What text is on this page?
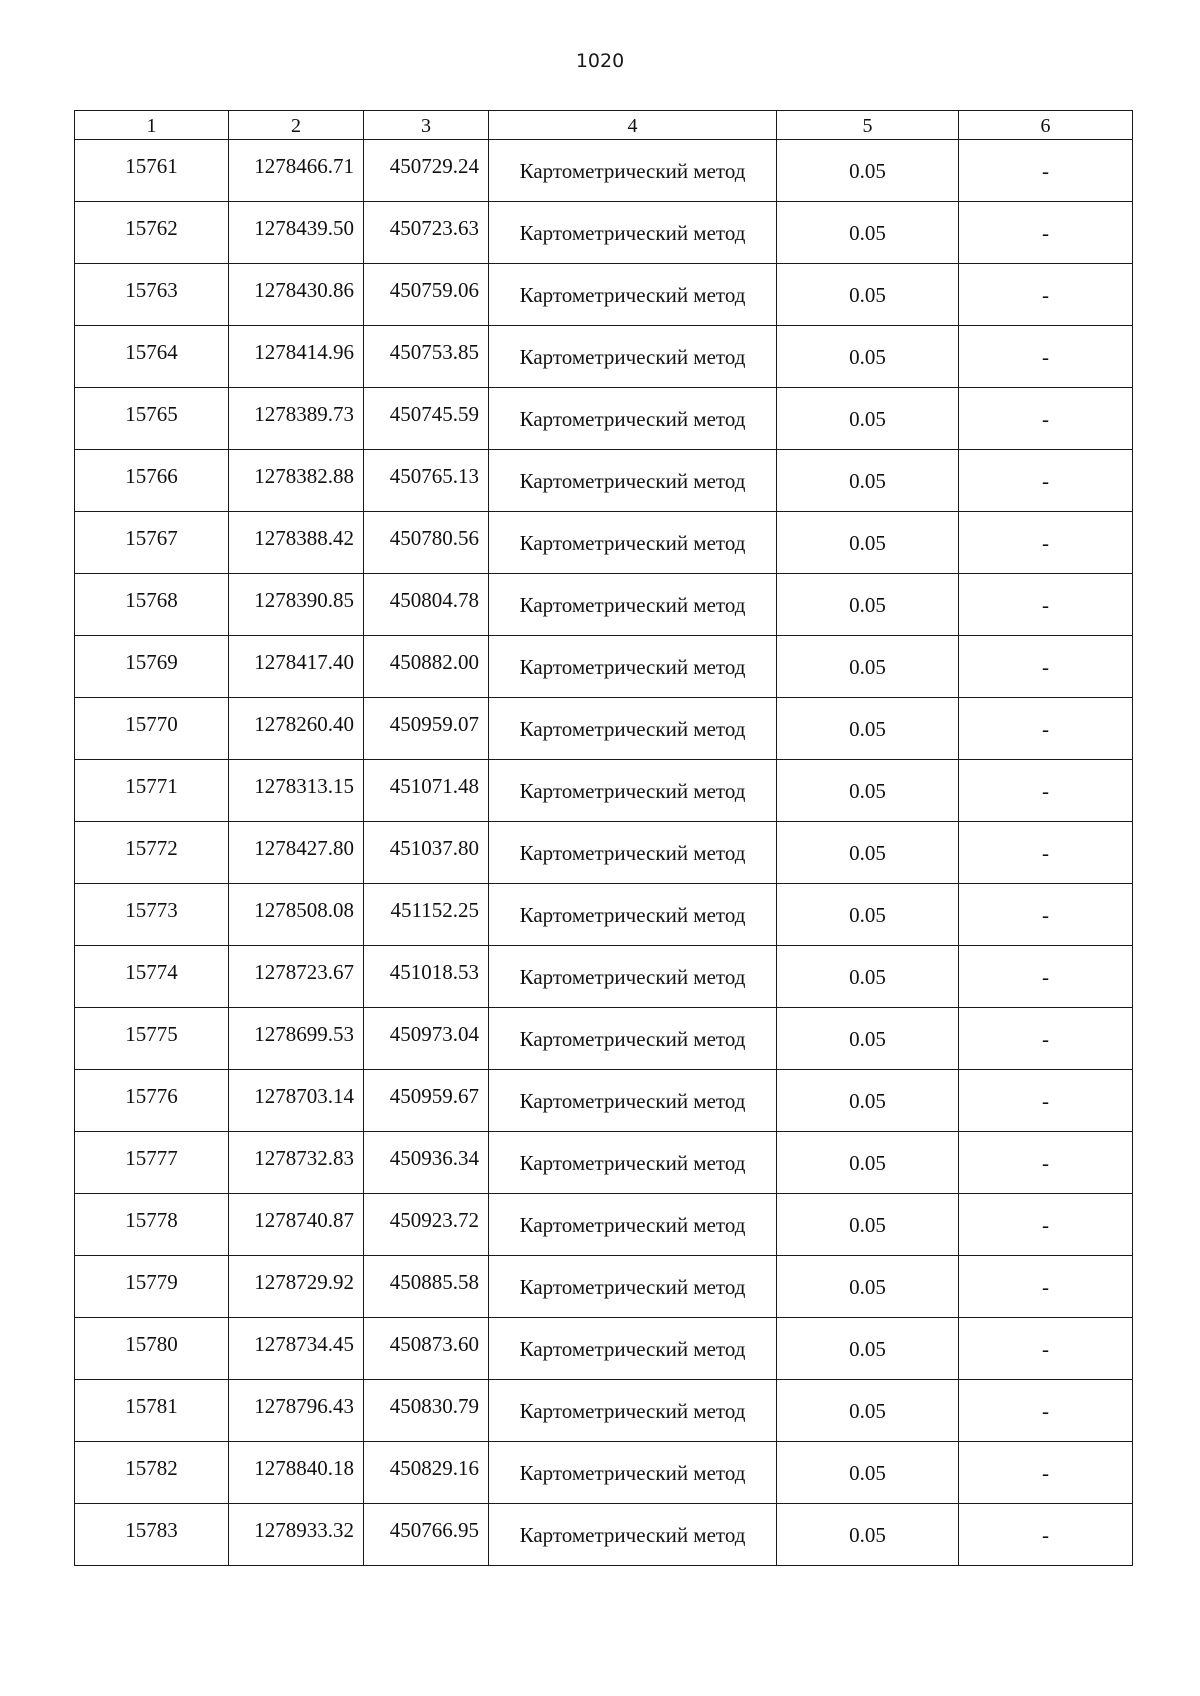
1020
1	2	3	4	5	6
15761	1278466.71	450729.24	Картометрический метод	0.05	-
15762	1278439.50	450723.63	Картометрический метод	0.05	-
15763	1278430.86	450759.06	Картометрический метод	0.05	-
15764	1278414.96	450753.85	Картометрический метод	0.05	-
15765	1278389.73	450745.59	Картометрический метод	0.05	-
15766	1278382.88	450765.13	Картометрический метод	0.05	-
15767	1278388.42	450780.56	Картометрический метод	0.05	-
15768	1278390.85	450804.78	Картометрический метод	0.05	-
15769	1278417.40	450882.00	Картометрический метод	0.05	-
15770	1278260.40	450959.07	Картометрический метод	0.05	-
15771	1278313.15	451071.48	Картометрический метод	0.05	-
15772	1278427.80	451037.80	Картометрический метод	0.05	-
15773	1278508.08	451152.25	Картометрический метод	0.05	-
15774	1278723.67	451018.53	Картометрический метод	0.05	-
15775	1278699.53	450973.04	Картометрический метод	0.05	-
15776	1278703.14	450959.67	Картометрический метод	0.05	-
15777	1278732.83	450936.34	Картометрический метод	0.05	-
15778	1278740.87	450923.72	Картометрический метод	0.05	-
15779	1278729.92	450885.58	Картометрический метод	0.05	-
15780	1278734.45	450873.60	Картометрический метод	0.05	-
15781	1278796.43	450830.79	Картометрический метод	0.05	-
15782	1278840.18	450829.16	Картометрический метод	0.05	-
15783	1278933.32	450766.95	Картометрический метод	0.05	-
